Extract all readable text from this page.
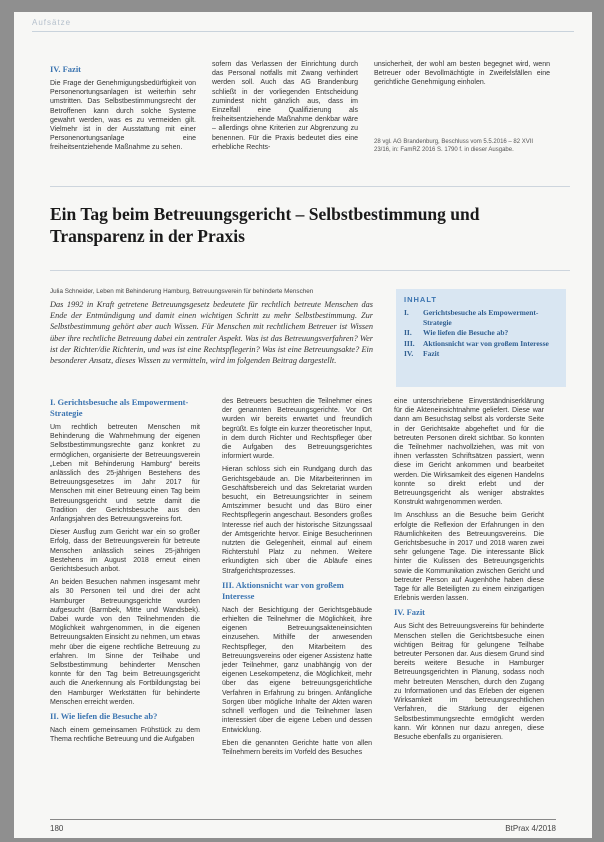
Aufsätze
IV. Fazit

Die Frage der Genehmigungsbedürftigkeit von Personenortungsanlagen ist weiterhin sehr umstritten. Das Selbstbestimmungsrecht der Betroffenen kann durch solche Systeme gewahrt werden, was es zu vermeiden gilt. Vielmehr ist in der Ausstattung mit einer Personenortungsanlage eine freiheitsentziehende Maßnahme zu sehen.

sofern das Verlassen der Einrichtung durch das Personal notfalls mit Zwang verhindert werden soll. Auch das AG Brandenburg schließt in der vorliegenden Entscheidung zumindest nicht gänzlich aus, dass im Einzelfall eine Qualifizierung als freiheitsentziehende Maßnahme denkbar wäre – allerdings ohne Kriterien zur Abgrenzung zu benennen. Für die Praxis bedeutet dies eine erhebliche Rechts-

unsicherheit, der wohl am besten begegnet wird, wenn Betreuer oder Bevollmächtigte in Zweifelsfällen eine gerichtliche Genehmigung einholen.

28 vgl. AG Brandenburg, Beschluss vom 5.5.2016 – 82 XVII 23/16, in: FamRZ 2016 S. 1790 f. in dieser Ausgabe.
Ein Tag beim Betreuungsgericht – Selbstbestimmung und Transparenz in der Praxis
Julia Schneider, Leben mit Behinderung Hamburg, Betreuungsverein für behinderte Menschen
Das 1992 in Kraft getretene Betreuungsgesetz bedeutete für rechtlich betreute Menschen das Ende der Entmündigung und damit einen wichtigen Schritt zu mehr Selbstbestimmung. Zur Selbstbestimmung gehört aber auch Wissen. Für Menschen mit rechtlichem Betreuer ist Wissen über ihre rechtliche Betreuung dabei ein zentraler Aspekt. Was ist das Betreuungsverfahren? Wer ist der Richter/die Richterin, und was ist eine Rechtspflegerin? Was ist eine Betreuungsakte? Ein besonderer Ansatz, dieses Wissen zu vermitteln, wird im folgenden Beitrag dargestellt.
INHALT
I.	Gerichtsbesuche als Empowerment-Strategie
II.	Wie liefen die Besuche ab?
III.	Aktionsnicht war von großem Interesse
IV.	Fazit
I. Gerichtsbesuche als Empowerment-Strategie

Um rechtlich betreuten Menschen mit Behinderung die Wahrnehmung der eigenen Selbstbestimmungsrechte ganz konkret zu ermöglichen, organisierte der Betreuungsverein „Leben mit Behinderung Hamburg“ bereits anlässlich des 25-jährigen Bestehens des Betreuungsgesetzes im Jahr 2017 für Menschen mit einer Betreuung einen Tag beim Betreuungsgericht und setzte damit die Tradition der Gerichtsbesuche aus den Anfangsjahren des Betreuungsvereins fort.

Dieser Ausflug zum Gericht war ein so großer Erfolg, dass der Betreuungsverein für betreute Menschen anlässlich seines 25-jährigen Bestehens im August 2018 erneut einen Gerichtsbesuch anbot.

An beiden Besuchen nahmen insgesamt mehr als 30 Personen teil und drei der acht Hamburger Betreuungsgerichte wurden aufgesucht (Barmbek, Mitte und Wandsbek). Dabei wurde von den Teilnehmenden die Möglichkeit wahrgenommen, in die eigenen Betreuungsakten Einsicht zu nehmen, um etwas mehr über die eigene rechtliche Betreuung zu erfahren. Im Sinne der Teilhabe und Selbstbestimmung behinderter Menschen konnte für den Tag beim Betreuungsgericht auch die Anerkennung als Fortbildungstag bei den Hamburger Werkstätten für behinderte Menschen erreicht werden.

II. Wie liefen die Besuche ab?

Nach einem gemeinsamen Frühstück zu dem Thema rechtliche Betreuung und die Aufgaben

des Betreuers besuchten die Teilnehmer eines der genannten Betreuungsgerichte. Vor Ort wurden wir bereits erwartet und freundlich begrüßt. Es folgte ein kurzer theoretischer Input, in dem durch Richter und Rechtspfleger über die Aufgaben des Betreuungsgerichtes informiert wurde.

Hieran schloss sich ein Rundgang durch das Gerichtsgebäude an. Die Mitarbeiterinnen im Geschäftsbereich und das Sekretariat wurden besucht, ein Betreuungsrichter in seinem Amtszimmer besucht und das Büro einer Rechtspflegerin angeschaut. Besonders großes Interesse rief auch der historische Sitzungssaal der Amtsgerichte hervor. Einige Besucherinnen nutzten die Gelegenheit, einmal auf einem Richterstuhl Platz zu nehmen. Weitere erkundigten sich über die Abläufe eines Strafgerichtsprozesses.

III. Aktionsnicht war von großem Interesse

Nach der Besichtigung der Gerichtsgebäude erhielten die Teilnehmer die Möglichkeit, ihre eigenen Betreuungsakteneinsichten einzusehen. Mithilfe der anwesenden Rechtspfleger, den Mitarbeitern des Betreuungsvereins oder eigener Assistenz hatte jeder Teilnehmer, ganz unabhängig von der eigenen Lesekompetenz, die Möglichkeit, mehr über das eigene betreuungsgerichtliche Verfahren in Erfahrung zu bringen. Anfängliche Sorgen über mögliche Inhalte der Akten waren schnell verflogen und die Teilnehmer lasen interessiert über die eigene Leben und dessen Entwicklung.

Eben die genannten Gerichte hatte von allen Teilnehmern bereits im Vorfeld des Besuches

eine unterschriebene Einverständniserklärung für die Akteneinsichtnahme geliefert. Diese war dann am Besuchstag selbst als vorderste Seite in der Gerichtsakte abgeheftet und für die betreuten Personen direkt sichtbar. So konnten die Teilnehmer nachvollziehen, was mit von ihnen verfassten Schriftsätzen passiert, wenn diese im Gericht ankommen und bearbeitet werden. Die Wirksamkeit des eigenen Handelns konnte so direkt erlebt und der Betreuungsgericht als weniger abstraktes Konstrukt wahrgenommen werden.

Im Anschluss an die Besuche beim Gericht erfolgte die Reflexion der Erfahrungen in den Räumlichkeiten des Betreuungsvereins. Die Gerichtsbesuche in 2017 und 2018 waren zwei sehr gelungene Tage. Die interessante Blick hinter die Kulissen des Betreuungsgerichts sowie die Kommunikation zwischen Gericht und betreuter Person auf Augenhöhe haben diese Tage für alle Beteiligten zu einem einzigartigen Erlebnis werden lassen.

IV. Fazit

Aus Sicht des Betreuungsvereins für behinderte Menschen stellen die Gerichtsbesuche einen wichtigen Beitrag für gelungene Teilhabe betreuter Personen dar. Aus diesem Grund sind bereits weitere Besuche in Hamburger Betreuungsgerichten in Planung, sodass noch mehr betreuten Menschen, durch den Zugang zu Informationen und das Erleben der eigenen Wirksamkeit im betreuungsrechtlichen Verfahren, die Stärkung der eigenen Selbstbestimmungsrechte ermöglicht werden kann. Wir können nur dazu anregen, diese Besuche ebenfalls zu organisieren.

180	BtPrax 4/2018
